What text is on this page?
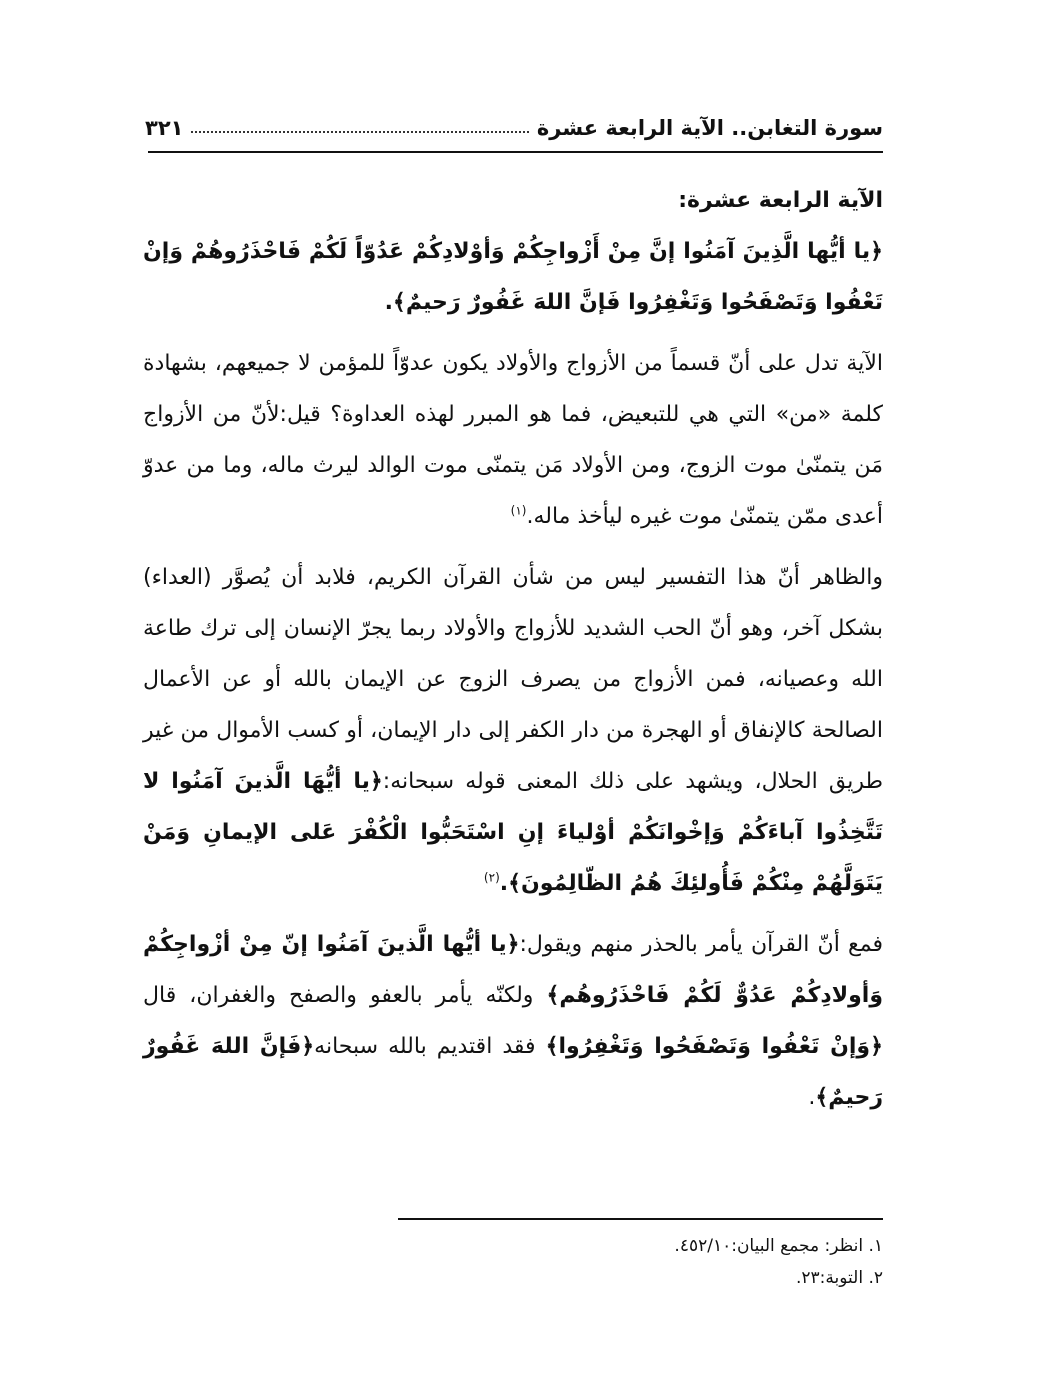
سورة التغابن.. الآية الرابعة عشرة
٣٢١

الآية الرابعة عشرة:

﴿يا أيُّها الَّذِينَ آمَنُوا إنَّ مِنْ أَزْواجِكُمْ وَأوْلادِكُمْ عَدُوّاً لَكُمْ فَاحْذَرُوهُمْ وَإنْ تَعْفُوا وَتَصْفَحُوا وَتَغْفِرُوا فَإنَّ اللهَ غَفُورٌ رَحيمٌ﴾.

الآية تدل على أنّ قسماً من الأزواج والأولاد يكون عدوّاً للمؤمن لا جميعهم، بشهادة كلمة «من» التي هي للتبعيض، فما هو المبرر لهذه العداوة؟ قيل:لأنّ من الأزواج مَن يتمنّىٰ موت الزوج، ومن الأولاد مَن يتمنّى موت الوالد ليرث ماله، وما من عدوّ أعدى ممّن يتمنّىٰ موت غيره ليأخذ ماله.$^{(١)}$

والظاهر أنّ هذا التفسير ليس من شأن القرآن الكريم، فلابد أن يُصوَّر (العداء) بشكل آخر، وهو أنّ الحب الشديد للأزواج والأولاد ربما يجرّ الإنسان إلى ترك طاعة الله وعصيانه، فمن الأزواج من يصرف الزوج عن الإيمان بالله أو عن الأعمال الصالحة كالإنفاق أو الهجرة من دار الكفر إلى دار الإيمان، أو كسب الأموال من غير طريق الحلال، ويشهد على ذلك المعنى قوله سبحانه:﴿يا أيُّهَا الَّذينَ آمَنُوا لا تَتَّخِذُوا آباءَكُمْ وَإخْوانَكُمْ أوْلياءَ إنِ اسْتَحَبُّوا الْكُفْرَ عَلى الإيمانِ وَمَنْ يَتَوَلَّهُمْ مِنْكُمْ فَأُولئِكَ هُمُ الظّالِمُونَ﴾.$^{(٢)}$

فمع أنّ القرآن يأمر بالحذر منهم ويقول:﴿يا أيُّها الَّذينَ آمَنُوا إنّ مِنْ أزْواجِكُمْ وَأولادِكُمْ عَدُوٌّ لَكُمْ فَاحْذَرُوهُم﴾ ولكنّه يأمر بالعفو والصفح والغفران، قال ﴿وَإنْ تَعْفُوا وَتَصْفَحُوا وَتَغْفِرُوا﴾ فقد اقتديم بالله سبحانه﴿فَإنَّ اللهَ غَفُورٌ رَحيمٌ﴾.

١. انظر: مجمع البيان:٤٥٢/١٠.
٢. التوبة:٢٣.
